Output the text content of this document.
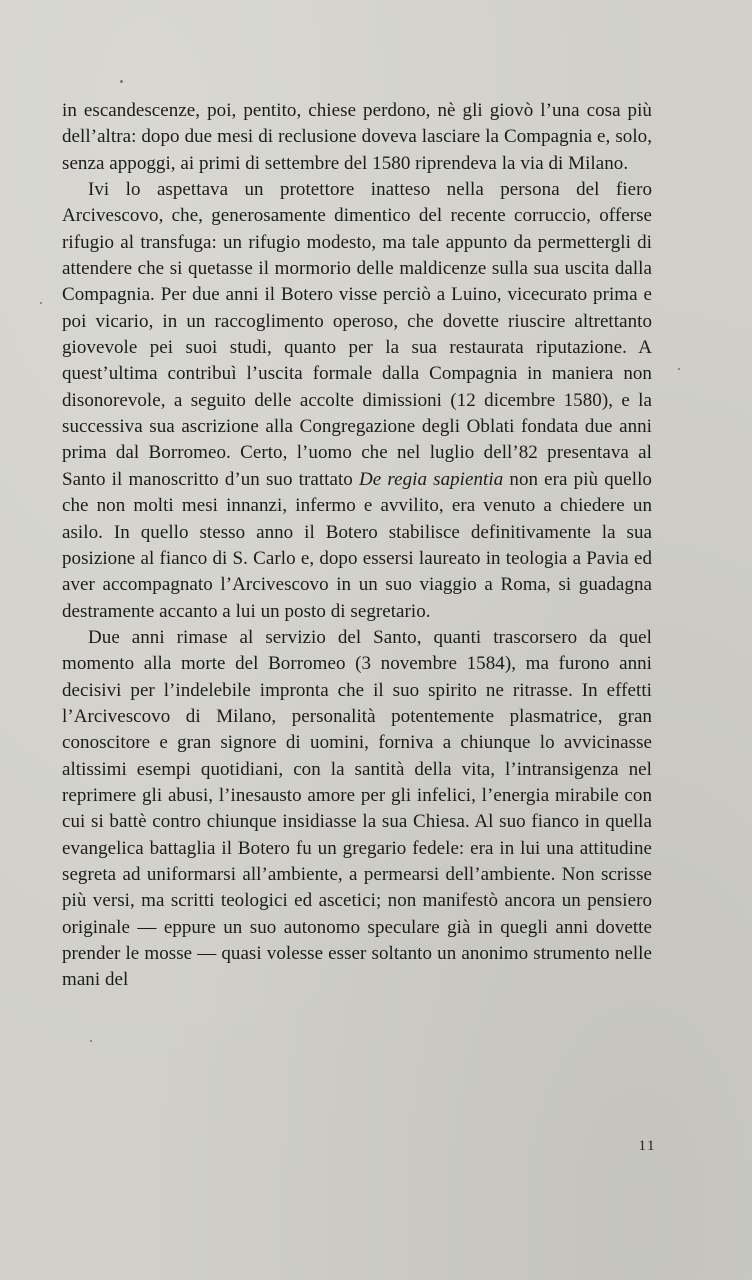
in escandescenze, poi, pentito, chiese perdono, nè gli giovò l’una cosa più dell’altra: dopo due mesi di reclusione doveva lasciare la Compagnia e, solo, senza appoggi, ai primi di settembre del 1580 riprendeva la via di Milano.

Ivi lo aspettava un protettore inatteso nella persona del fiero Arcivescovo, che, generosamente dimentico del recente corruccio, offerse rifugio al transfuga: un rifugio modesto, ma tale appunto da permettergli di attendere che si quetasse il mormorio delle maldicenze sulla sua uscita dalla Compagnia. Per due anni il Botero visse perciò a Luino, vicecurato prima e poi vicario, in un raccoglimento operoso, che dovette riuscire altrettanto giovevole pei suoi studi, quanto per la sua restaurata riputazione. A quest’ultima contribuì l’uscita formale dalla Compagnia in maniera non disonorevole, a seguito delle accolte dimissioni (12 dicembre 1580), e la successiva sua ascrizione alla Congregazione degli Oblati fondata due anni prima dal Borromeo. Certo, l’uomo che nel luglio dell’82 presentava al Santo il manoscritto d’un suo trattato De regia sapientia non era più quello che non molti mesi innanzi, infermo e avvilito, era venuto a chiedere un asilo. In quello stesso anno il Botero stabilisce definitivamente la sua posizione al fianco di S. Carlo e, dopo essersi laureato in teologia a Pavia ed aver accompagnato l’Arcivescovo in un suo viaggio a Roma, si guadagna destramente accanto a lui un posto di segretario.

Due anni rimase al servizio del Santo, quanti trascorsero da quel momento alla morte del Borromeo (3 novembre 1584), ma furono anni decisivi per l’indelebile impronta che il suo spirito ne ritrasse. In effetti l’Arcivescovo di Milano, personalità potentemente plasmatrice, gran conoscitore e gran signore di uomini, forniva a chiunque lo avvicinasse altissimi esempi quotidiani, con la santità della vita, l’intransigenza nel reprimere gli abusi, l’inesausto amore per gli infelici, l’energia mirabile con cui si battè contro chiunque insidiasse la sua Chiesa. Al suo fianco in quella evangelica battaglia il Botero fu un gregario fedele: era in lui una attitudine segreta ad uniformarsi all’ambiente, a permearsi dell’ambiente. Non scrisse più versi, ma scritti teologici ed ascetici; non manifestò ancora un pensiero originale — eppure un suo autonomo speculare già in quegli anni dovette prender le mosse — quasi volesse esser soltanto un anonimo strumento nelle mani del

11
